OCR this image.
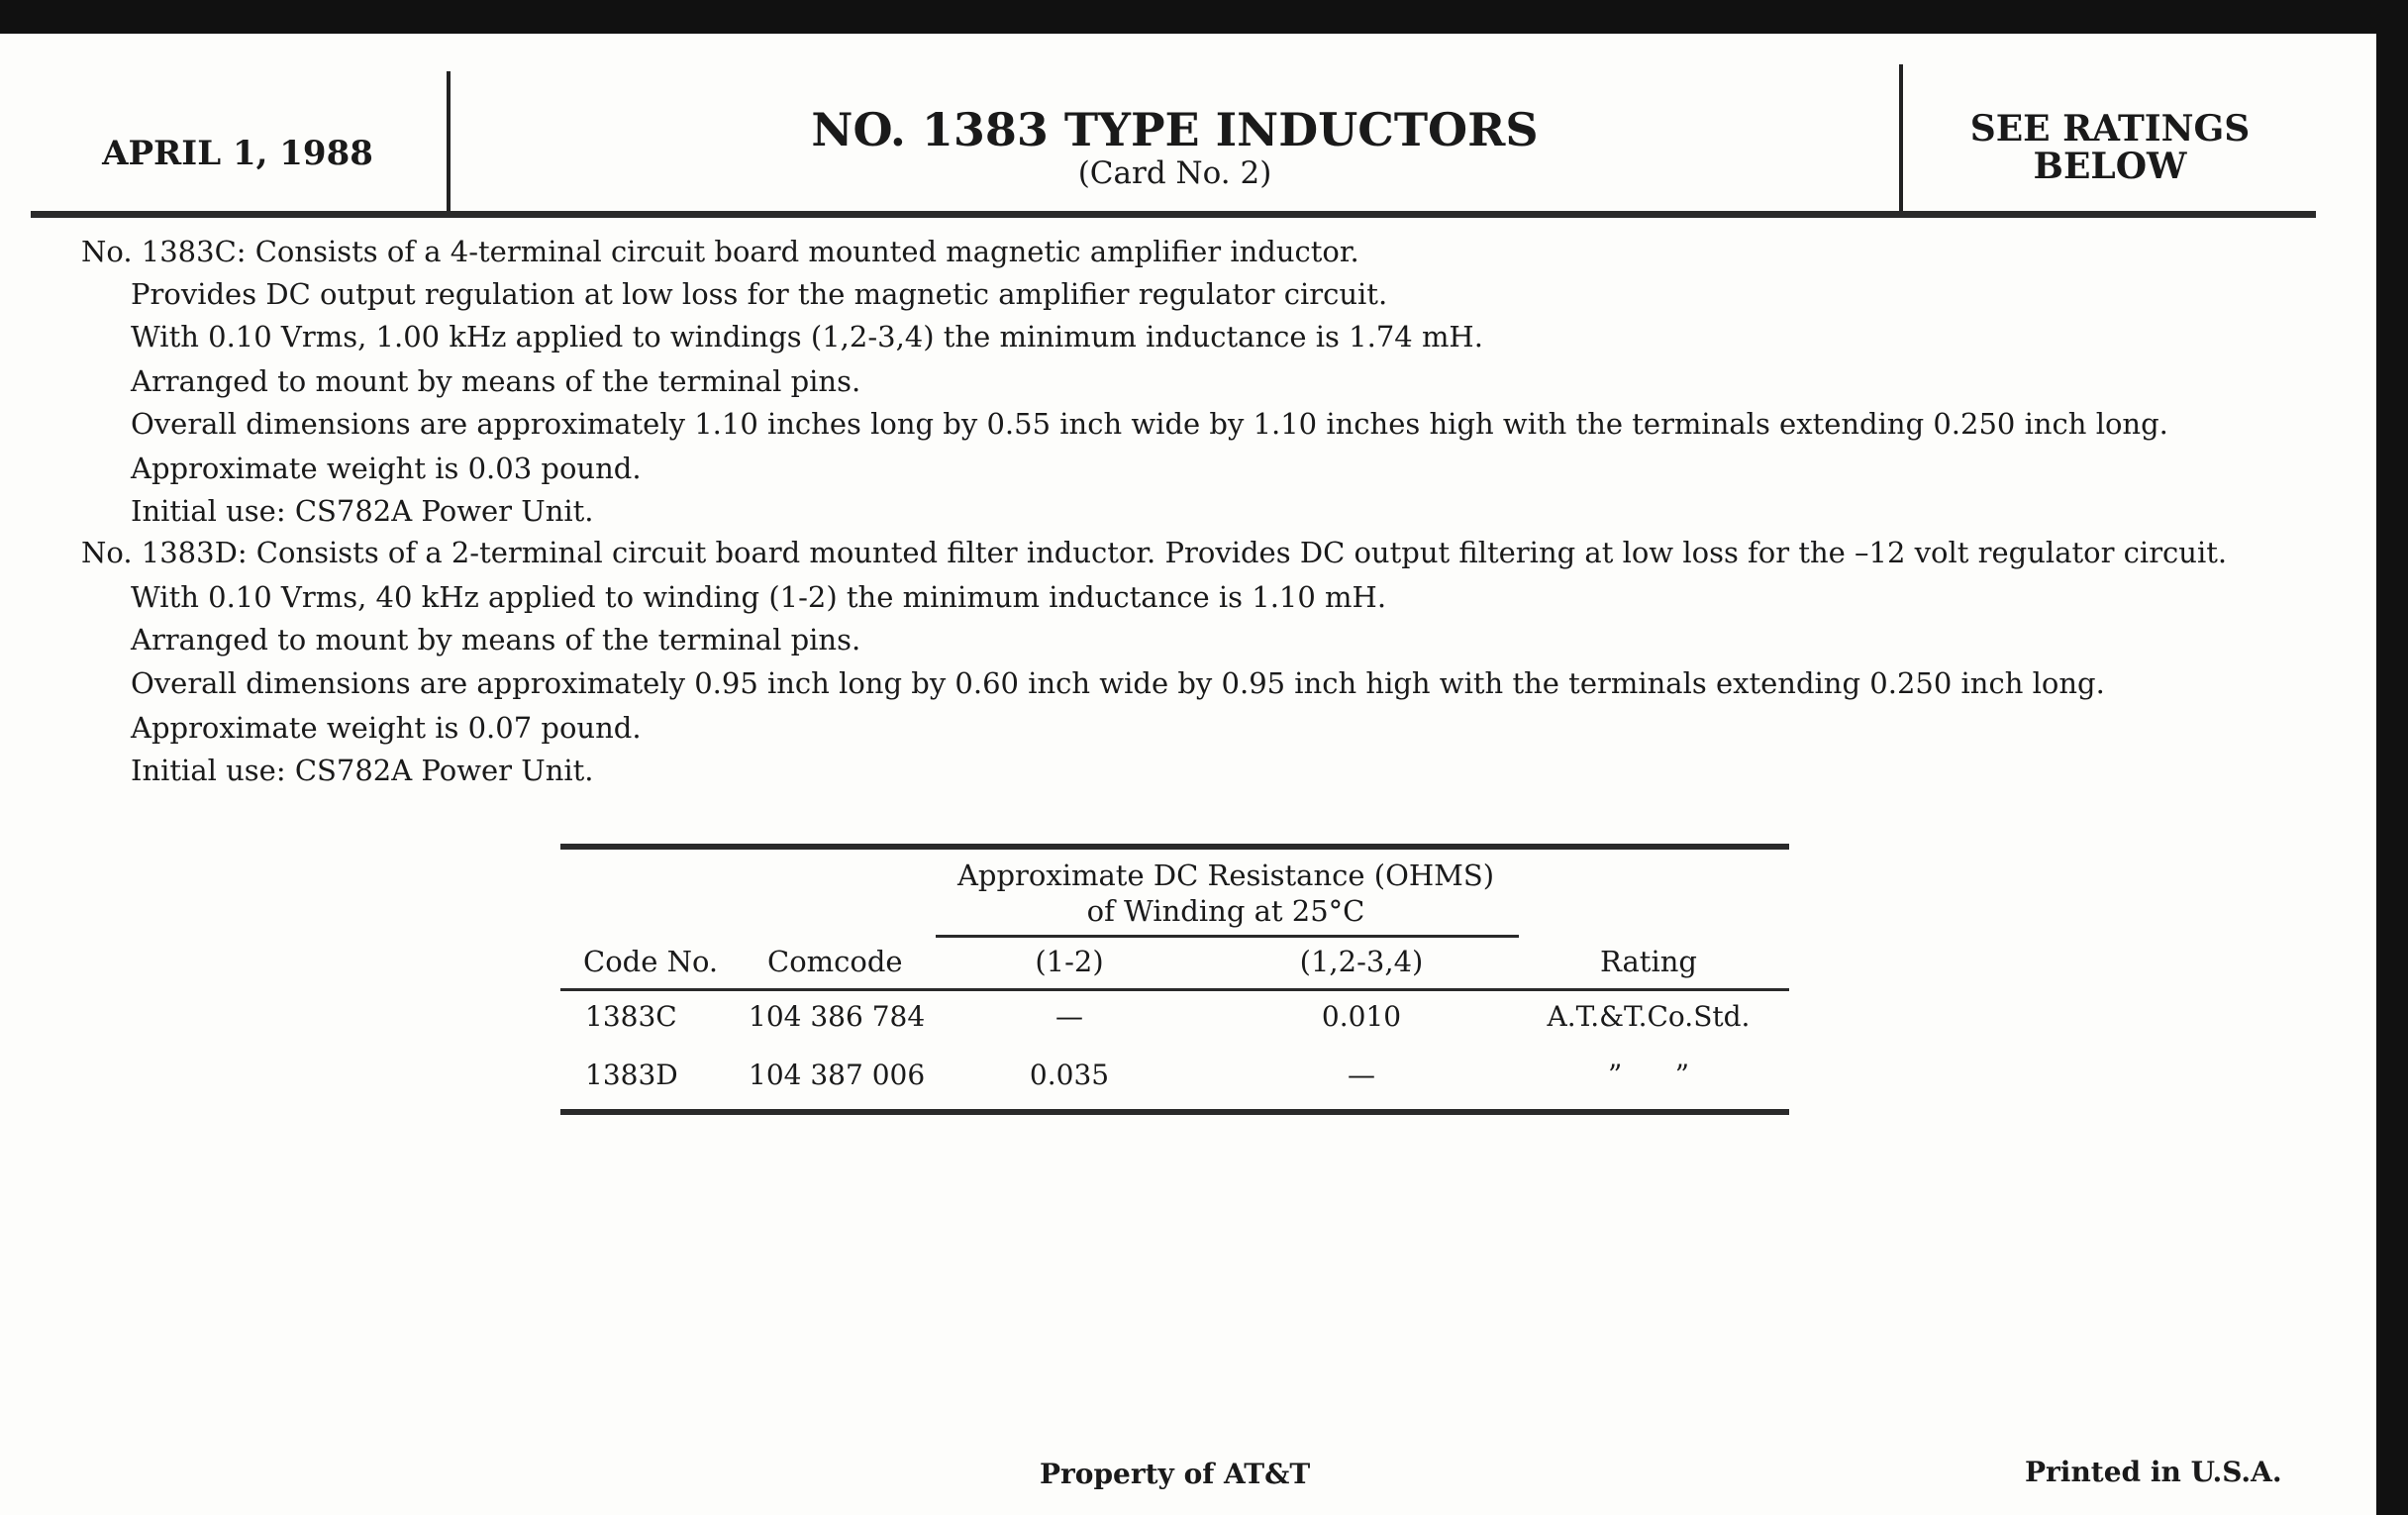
APRIL 1, 1988	NO. 1383 TYPE INDUCTORS
(Card No. 2)
SEE RATINGS
BELOW
No. 1383C: Consists of a 4-terminal circuit board mounted magnetic amplifier inductor.
Provides DC output regulation at low loss for the magnetic amplifier regulator circuit.
With 0.10 Vrms, 1.00 kHz applied to windings (1,2-3,4) the minimum inductance is 1.74 mH.
Arranged to mount by means of the terminal pins.
Overall dimensions are approximately 1.10 inches long by 0.55 inch wide by 1.10 inches high with the terminals extending 0.250 inch long.
Approximate weight is 0.03 pound.
Initial use: CS782A Power Unit.
No. 1383D: Consists of a 2-terminal circuit board mounted filter inductor. Provides DC output filtering at low loss for the –12 volt regulator circuit.
With 0.10 Vrms, 40 kHz applied to winding (1-2) the minimum inductance is 1.10 mH.
Arranged to mount by means of the terminal pins.
Overall dimensions are approximately 0.95 inch long by 0.60 inch wide by 0.95 inch high with the terminals extending 0.250 inch long.
Approximate weight is 0.07 pound.
Initial use: CS782A Power Unit.
Approximate DC Resistance (OHMS)
of Winding at 25°C
Code No. Comcode	(1-2)	(1,2-3,4)	Rating
1383C	104 386 784	—	0.010	A.T.&T.Co.Std.
1383D	104 387 006	0.035	—	”      ”
Property of AT&T	Printed in U.S.A.
